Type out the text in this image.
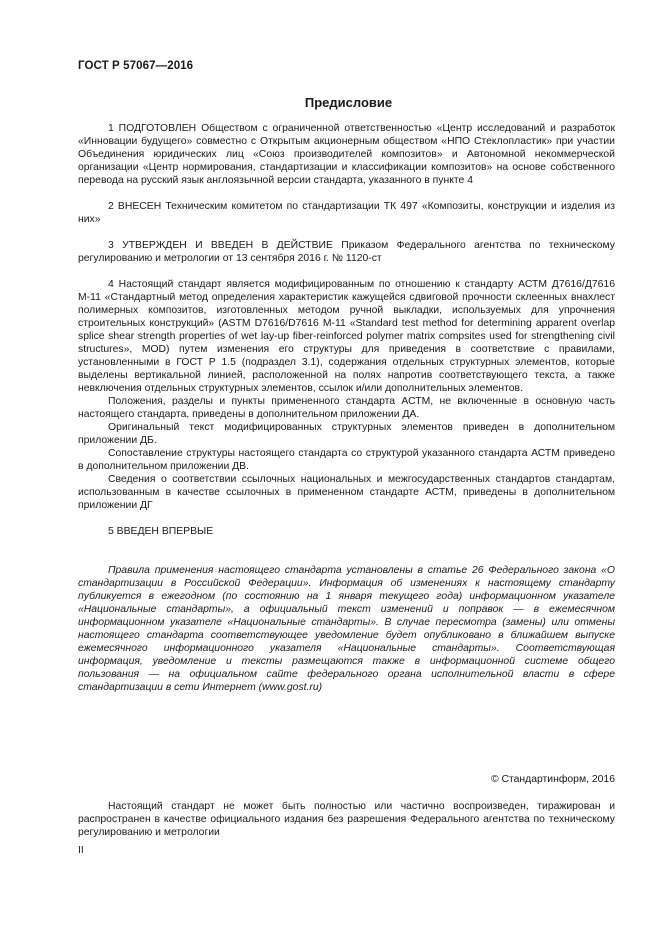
ГОСТ Р 57067—2016
Предисловие

1 ПОДГОТОВЛЕН Обществом с ограниченной ответственностью «Центр исследований и разработок «Инновации будущего» совместно с Открытым акционерным обществом «НПО Стеклопластик» при участии Объединения юридических лиц «Союз производителей композитов» и Автономной некоммерческой организации «Центр нормирования, стандартизации и классификации композитов» на основе собственного перевода на русский язык англоязычной версии стандарта, указанного в пункте 4

2 ВНЕСЕН Техническим комитетом по стандартизации ТК 497 «Композиты, конструкции и изделия из них»

3 УТВЕРЖДЕН И ВВЕДЕН В ДЕЙСТВИЕ Приказом Федерального агентства по техническому регулированию и метрологии от 13 сентября 2016 г. № 1120-ст

4 Настоящий стандарт является модифицированным по отношению к стандарту АСТМ Д7616/Д7616 М-11 «Стандартный метод определения характеристик кажущейся сдвиговой прочности склеенных внахлест полимерных композитов, изготовленных методом ручной выкладки, используемых для упрочнения строительных конструкций» (ASTM D7616/D7616 M-11 «Standard test method for determining apparent overlap splice shear strength properties of wet lay-up fiber-reinforced polymer matrix compsites used for strengthening civil structures», MOD) путем изменения его структуры для приведения в соответствие с правилами, установленными в ГОСТ Р 1.5 (подраздел 3.1), содержания отдельных структурных элементов, которые выделены вертикальной линией, расположенной на полях напротив соответствующего текста, а также невключения отдельных структурных элементов, ссылок и/или дополнительных элементов.

Положения, разделы и пункты примененного стандарта АСТМ, не включенные в основную часть настоящего стандарта, приведены в дополнительном приложении ДА.

Оригинальный текст модифицированных структурных элементов приведен в дополнительном приложении ДБ.

Сопоставление структуры настоящего стандарта со структурой указанного стандарта АСТМ приведено в дополнительном приложении ДВ.

Сведения о соответствии ссылочных национальных и межгосударственных стандартов стандартам, использованным в качестве ссылочных в примененном стандарте АСТМ, приведены в дополнительном приложении ДГ

5 ВВЕДЕН ВПЕРВЫЕ

Правила применения настоящего стандарта установлены в статье 26 Федерального закона «О стандартизации в Российской Федерации». Информация об изменениях к настоящему стандарту публикуется в ежегодном (по состоянию на 1 января текущего года) информационном указателе «Национальные стандарты», а официальный текст изменений и поправок — в ежемесячном информационном указателе «Национальные стандарты». В случае пересмотра (замены) или отмены настоящего стандарта соответствующее уведомление будет опубликовано в ближайшем выпуске ежемесячного информационного указателя «Национальные стандарты». Соответствующая информация, уведомление и тексты размещаются также в информационной системе общего пользования — на официальном сайте федерального органа исполнительной власти в сфере стандартизации в сети Интернет (www.gost.ru)

© Стандартинформ, 2016

Настоящий стандарт не может быть полностью или частично воспроизведен, тиражирован и распространен в качестве официального издания без разрешения Федерального агентства по техническому регулированию и метрологии

II
